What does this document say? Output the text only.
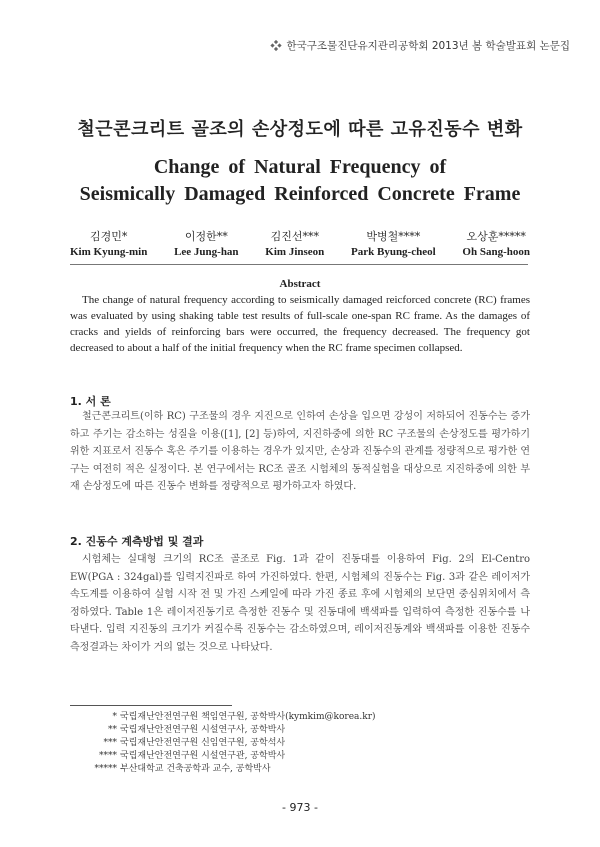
한국구조물진단유지관리공학회 2013년 봄 학술발표회 논문집
철근콘크리트 골조의 손상정도에 따른 고유진동수 변화
Change of Natural Frequency of
Seismically Damaged Reinforced Concrete Frame
김경민*
Kim Kyung-min
이정한**
Lee Jung-han
김진선***
Kim Jinseon
박병철****
Park Byung-cheol
오상훈*****
Oh Sang-hoon
Abstract
The change of natural frequency according to seismically damaged reicforced concrete (RC) frames was evaluated by using shaking table test results of full-scale one-span RC frame. As the damages of cracks and yields of reinforcing bars were occurred, the frequency decreased. The frequency got decreased to about a half of the initial frequency when the RC frame specimen collapsed.
1. 서 론
철근콘크리트(이하 RC) 구조물의 경우 지진으로 인하여 손상을 입으면 강성이 저하되어 진동수는 증가하고 주기는 감소하는 성질을 이용([1], [2] 등)하여, 지진하중에 의한 RC 구조물의 손상정도를 평가하기 위한 지표로서 진동수 혹은 주기를 이용하는 경우가 있지만, 손상과 진동수의 관계를 정량적으로 평가한 연구는 여전히 적은 실정이다. 본 연구에서는 RC조 골조 시험체의 동적실험을 대상으로 지진하중에 의한 부재 손상정도에 따른 진동수 변화를 정량적으로 평가하고자 하였다.
2. 진동수 계측방법 및 결과
시험체는 실대형 크기의 RC조 골조로 Fig. 1과 같이 진동대를 이용하여 Fig. 2의 El-Centro EW(PGA : 324gal)를 입력지진파로 하여 가진하였다. 한편, 시험체의 진동수는 Fig. 3과 같은 레이저가속도계를 이용하여 실험 시작 전 및 가진 스케일에 따라 가진 종료 후에 시험체의 보단면 중심위치에서 측정하였다. Table 1은 레이저진동기로 측정한 진동수 및 진동대에 백색파를 입력하여 측정한 진동수를 나타낸다. 입력 지진동의 크기가 커질수록 진동수는 감소하였으며, 레이저진동계와 백색파를 이용한 진동수 측정결과는 차이가 거의 없는 것으로 나타났다.
* 국립재난안전연구원 책임연구원, 공학박사(kymkim@korea.kr)
** 국립재난안전연구원 시설연구사, 공학박사
*** 국립재난안전연구원 신임연구원, 공학석사
**** 국립재난안전연구원 시설연구관, 공학박사
***** 부산대학교 건축공학과 교수, 공학박사
- 973 -
